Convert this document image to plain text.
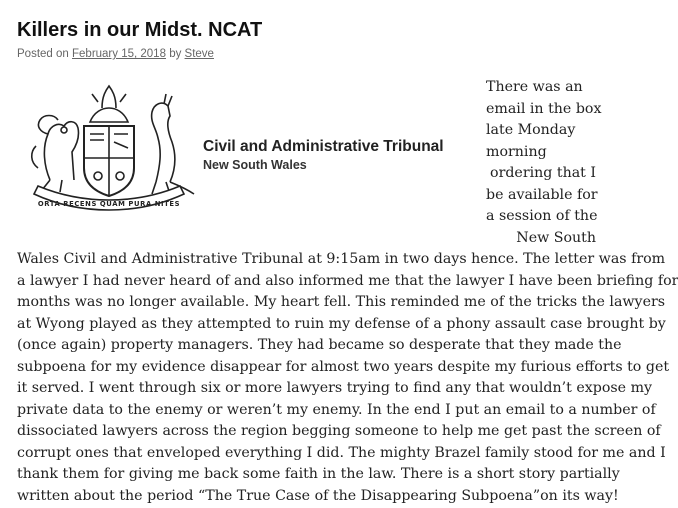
Killers in our Midst. NCAT
Posted on February 15, 2018 by Steve
ORTA RECENS QUAM PURA NITES
Civil and Administrative Tribunal
New South Wales
There was an
email in the box
late Monday
morning
ordering that I
be available for
a session of the
New South
Wales Civil and Administrative Tribunal at 9:15am in two days hence. The letter was from
a lawyer I had never heard of and also informed me that the lawyer I have been briefing for
months was no longer available. My heart fell. This reminded me of the tricks the lawyers
at Wyong played as they attempted to ruin my defense of a phony assault case brought by
(once again) property managers. They had became so desperate that they made the
subpoena for my evidence disappear for almost two years despite my furious efforts to get
it served. I went through six or more lawyers trying to find any that wouldn’t expose my
private data to the enemy or weren’t my enemy. In the end I put an email to a number of
dissociated lawyers across the region begging someone to help me get past the screen of
corrupt ones that enveloped everything I did. The mighty Brazel family stood for me and I
thank them for giving me back some faith in the law. There is a short story partially
written about the period “The True Case of the Disappearing Subpoena”on its way!
